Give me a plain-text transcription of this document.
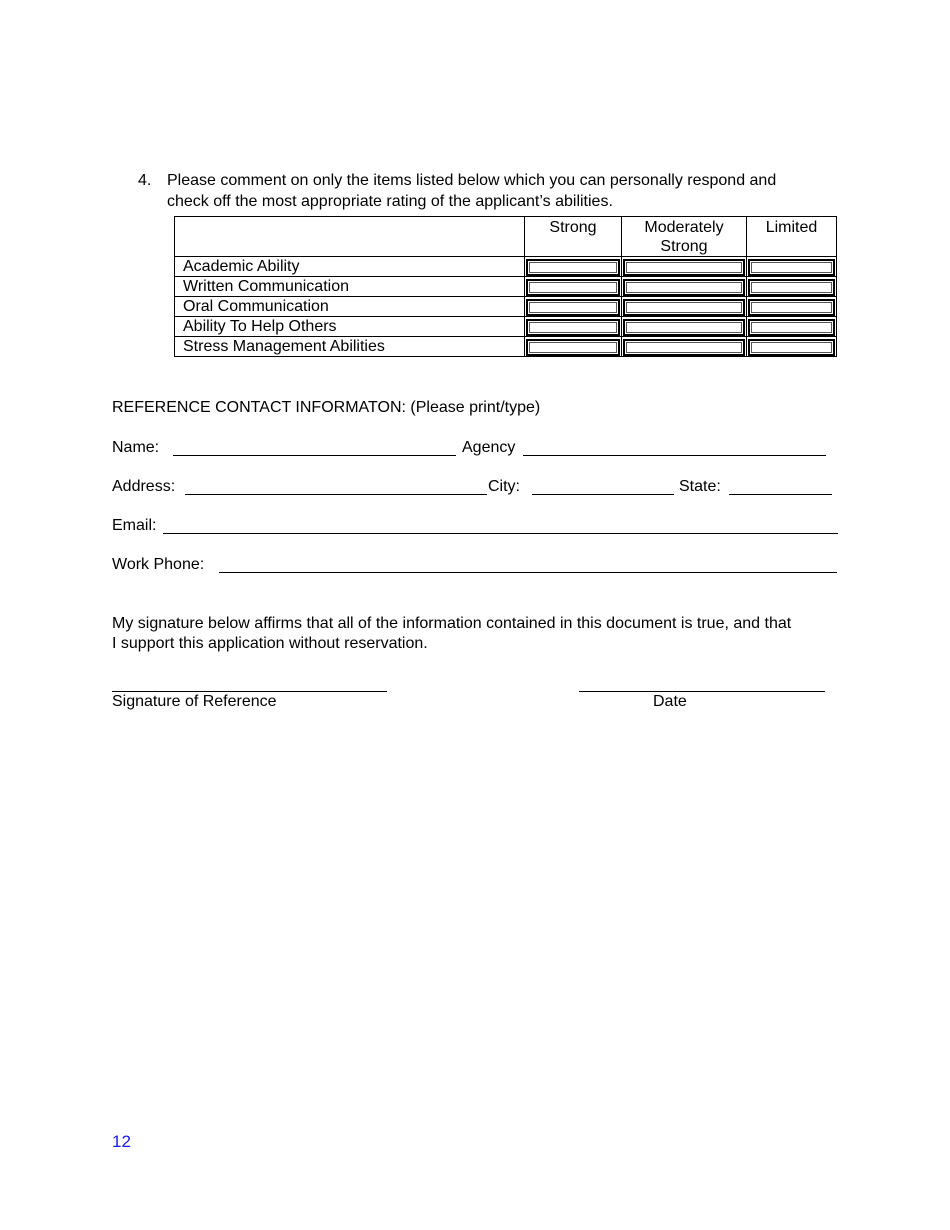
4. Please comment on only the items listed below which you can personally respond and
check off the most appropriate rating of the applicant’s abilities.
	Strong	Moderately Strong	Limited
Academic Ability	

Written Communication	

Oral Communication	

Ability To Help Others	

Stress Management Abilities	

REFERENCE CONTACT INFORMATON: (Please print/type)
Name:	Agency
Address:	City:	State:
Email:
Work Phone:
My signature below affirms that all of the information contained in this document is true, and that
I support this application without reservation.
Signature of Reference	Date
12
